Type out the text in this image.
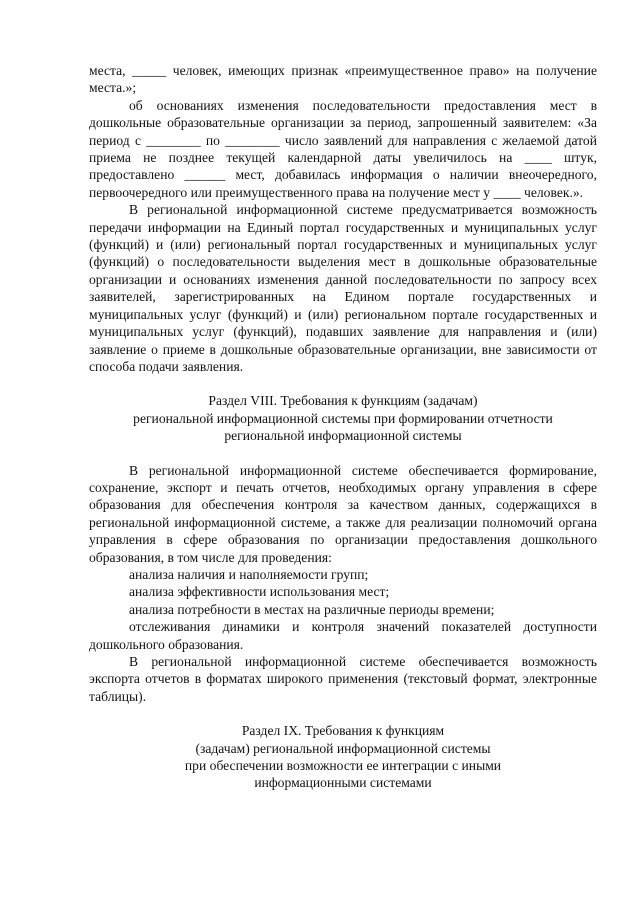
места, _____ человек, имеющих признак «преимущественное право» на получение места.»;

об основаниях изменения последовательности предоставления мест в дошкольные образовательные организации за период, запрошенный заявителем: «За период с ________ по ________ число заявлений для направления с желаемой датой приема не позднее текущей календарной даты увеличилось на ____ штук, предоставлено ______ мест, добавилась информация о наличии внеочередного, первоочередного или преимущественного права на получение мест у ____ человек.».

В региональной информационной системе предусматривается возможность передачи информации на Единый портал государственных и муниципальных услуг (функций) и (или) региональный портал государственных и муниципальных услуг (функций) о последовательности выделения мест в дошкольные образовательные организации и основаниях изменения данной последовательности по запросу всех заявителей, зарегистрированных на Едином портале государственных и муниципальных услуг (функций) и (или) региональном портале государственных и муниципальных услуг (функций), подавших заявление для направления и (или) заявление о приеме в дошкольные образовательные организации, вне зависимости от способа подачи заявления.

Раздел VIII. Требования к функциям (задачам)

региональной информационной системы при формировании отчетности

региональной информационной системы

В региональной информационной системе обеспечивается формирование, сохранение, экспорт и печать отчетов, необходимых органу управления в сфере образования для обеспечения контроля за качеством данных, содержащихся в региональной информационной системе, а также для реализации полномочий органа управления в сфере образования по организации предоставления дошкольного образования, в том числе для проведения:

анализа наличия и наполняемости групп;

анализа эффективности использования мест;

анализа потребности в местах на различные периоды времени;

отслеживания динамики и контроля значений показателей доступности дошкольного образования.

В региональной информационной системе обеспечивается возможность экспорта отчетов в форматах широкого применения (текстовый формат, электронные таблицы).

Раздел IX. Требования к функциям

(задачам) региональной информационной системы

при обеспечении возможности ее интеграции с иными

информационными системами
